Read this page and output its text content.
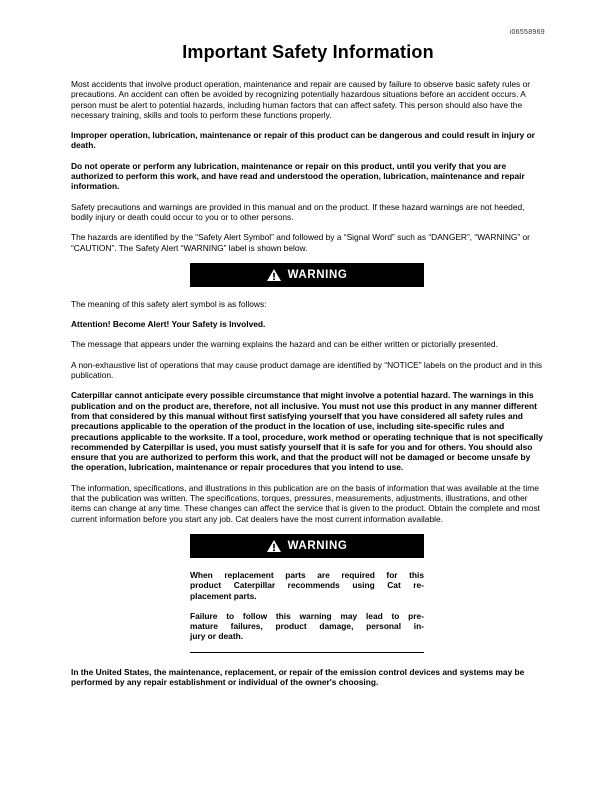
i06558969
Important Safety Information

Most accidents that involve product operation, maintenance and repair are caused by failure to observe basic safety rules or precautions. An accident can often be avoided by recognizing potentially hazardous situations before an accident occurs. A person must be alert to potential hazards, including human factors that can affect safety. This person should also have the necessary training, skills and tools to perform these functions properly.

Improper operation, lubrication, maintenance or repair of this product can be dangerous and could result in injury or death.

Do not operate or perform any lubrication, maintenance or repair on this product, until you verify that you are authorized to perform this work, and have read and understood the operation, lubrication, maintenance and repair information.

Safety precautions and warnings are provided in this manual and on the product. If these hazard warnings are not heeded, bodily injury or death could occur to you or to other persons.

The hazards are identified by the “Safety Alert Symbol” and followed by a “Signal Word” such as “DANGER”, “WARNING” or “CAUTION”. The Safety Alert “WARNING” label is shown below.

WARNING

The meaning of this safety alert symbol is as follows:

Attention! Become Alert! Your Safety is Involved.

The message that appears under the warning explains the hazard and can be either written or pictorially presented.

A non-exhaustive list of operations that may cause product damage are identified by “NOTICE” labels on the product and in this publication.

Caterpillar cannot anticipate every possible circumstance that might involve a potential hazard. The warnings in this publication and on the product are, therefore, not all inclusive. You must not use this product in any manner different from that considered by this manual without first satisfying yourself that you have considered all safety rules and precautions applicable to the operation of the product in the location of use, including site-specific rules and precautions applicable to the worksite. If a tool, procedure, work method or operating technique that is not specifically recommended by Caterpillar is used, you must satisfy yourself that it is safe for you and for others. You should also ensure that you are authorized to perform this work, and that the product will not be damaged or become unsafe by the operation, lubrication, maintenance or repair procedures that you intend to use.

The information, specifications, and illustrations in this publication are on the basis of information that was available at the time that the publication was written. The specifications, torques, pressures, measurements, adjustments, illustrations, and other items can change at any time. These changes can affect the service that is given to the product. Obtain the complete and most current information before you start any job. Cat dealers have the most current information available.

WARNING
When replacement parts are required for this
product Caterpillar recommends using Cat re-
placement parts.
Failure to follow this warning may lead to pre-
mature failures, product damage, personal in-
jury or death.

In the United States, the maintenance, replacement, or repair of the emission control devices and systems may be performed by any repair establishment or individual of the owner's choosing.
